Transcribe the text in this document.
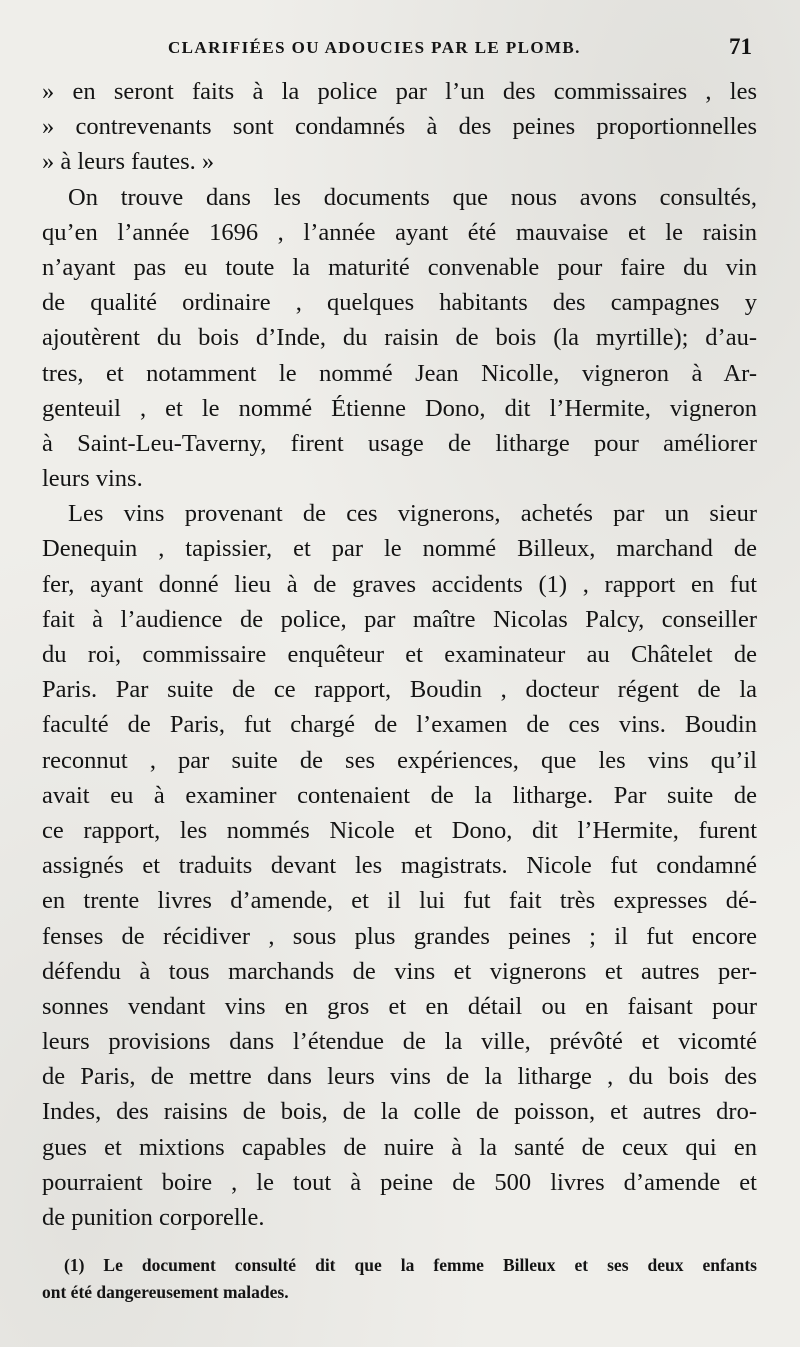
CLARIFIÉES OU ADOUCIES PAR LE PLOMB.	71
» en seront faits à la police par l’un des commissaires , les
» contrevenants sont condamnés à des peines proportionnelles
» à leurs fautes. »
On trouve dans les documents que nous avons consultés,
qu’en l’année 1696 , l’année ayant été mauvaise et le raisin
n’ayant pas eu toute la maturité convenable pour faire du vin
de qualité ordinaire , quelques habitants des campagnes y
ajoutèrent du bois d’Inde, du raisin de bois (la myrtille); d’au-
tres, et notamment le nommé Jean Nicolle, vigneron à Ar-
genteuil , et le nommé Étienne Dono, dit l’Hermite, vigneron
à Saint-Leu-Taverny, firent usage de litharge pour améliorer
leurs vins.
Les vins provenant de ces vignerons, achetés par un sieur
Denequin , tapissier, et par le nommé Billeux, marchand de
fer, ayant donné lieu à de graves accidents (1) , rapport en fut
fait à l’audience de police, par maître Nicolas Palcy, conseiller
du roi, commissaire enquêteur et examinateur au Châtelet de
Paris. Par suite de ce rapport, Boudin , docteur régent de la
faculté de Paris, fut chargé de l’examen de ces vins. Boudin
reconnut , par suite de ses expériences, que les vins qu’il
avait eu à examiner contenaient de la litharge. Par suite de
ce rapport, les nommés Nicole et Dono, dit l’Hermite, furent
assignés et traduits devant les magistrats. Nicole fut condamné
en trente livres d’amende, et il lui fut fait très expresses dé-
fenses de récidiver , sous plus grandes peines ; il fut encore
défendu à tous marchands de vins et vignerons et autres per-
sonnes vendant vins en gros et en détail ou en faisant pour
leurs provisions dans l’étendue de la ville, prévôté et vicomté
de Paris, de mettre dans leurs vins de la litharge , du bois des
Indes, des raisins de bois, de la colle de poisson, et autres dro-
gues et mixtions capables de nuire à la santé de ceux qui en
pourraient boire , le tout à peine de 500 livres d’amende et
de punition corporelle.
(1) Le document consulté dit que la femme Billeux et ses deux enfants
ont été dangereusement malades.
